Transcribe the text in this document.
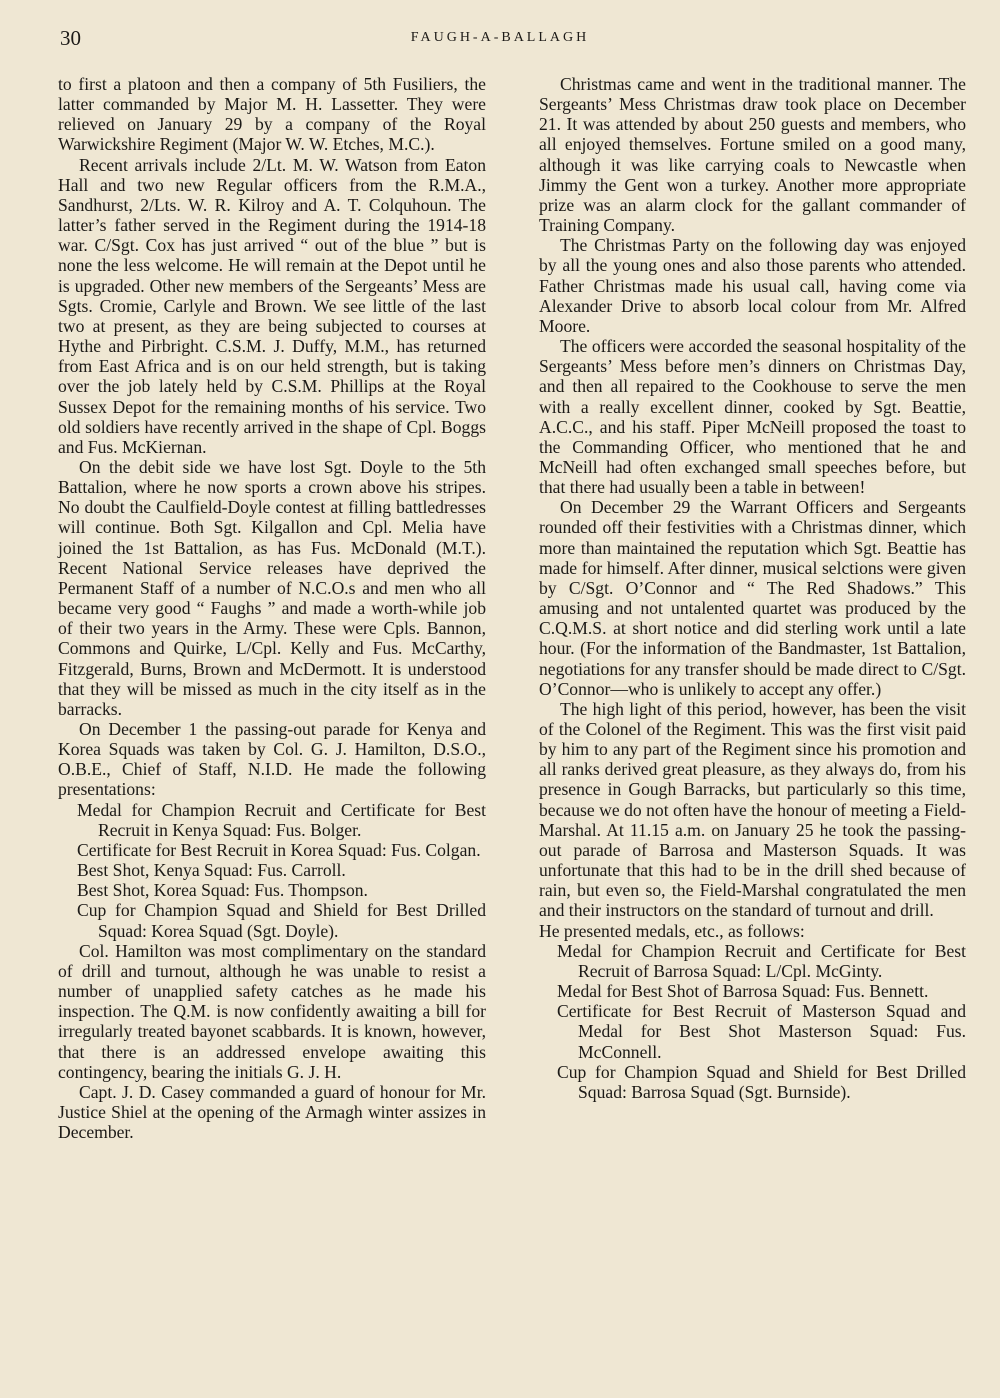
30	FAUGH-A-BALLAGH

to first a platoon and then a company of 5th Fusiliers, the latter commanded by Major M. H. Lassetter. They were relieved on January 29 by a company of the Royal Warwickshire Regiment (Major W. W. Etches, M.C.).

Recent arrivals include 2/Lt. M. W. Watson from Eaton Hall and two new Regular officers from the R.M.A., Sandhurst, 2/Lts. W. R. Kilroy and A. T. Colquhoun. The latter’s father served in the Regiment during the 1914-18 war. C/Sgt. Cox has just arrived “ out of the blue ” but is none the less welcome. He will remain at the Depot until he is upgraded. Other new members of the Sergeants’ Mess are Sgts. Cromie, Carlyle and Brown. We see little of the last two at present, as they are being subjected to courses at Hythe and Pirbright. C.S.M. J. Duffy, M.M., has returned from East Africa and is on our held strength, but is taking over the job lately held by C.S.M. Phillips at the Royal Sussex Depot for the remaining months of his service. Two old soldiers have recently arrived in the shape of Cpl. Boggs and Fus. McKiernan.

On the debit side we have lost Sgt. Doyle to the 5th Battalion, where he now sports a crown above his stripes. No doubt the Caulfield-Doyle contest at filling battledresses will continue. Both Sgt. Kilgallon and Cpl. Melia have joined the 1st Battalion, as has Fus. McDonald (M.T.). Recent National Service releases have deprived the Permanent Staff of a number of N.C.O.s and men who all became very good “ Faughs ” and made a worth-while job of their two years in the Army. These were Cpls. Bannon, Commons and Quirke, L/Cpl. Kelly and Fus. McCarthy, Fitzgerald, Burns, Brown and McDermott. It is understood that they will be missed as much in the city itself as in the barracks.

On December 1 the passing-out parade for Kenya and Korea Squads was taken by Col. G. J. Hamilton, D.S.O., O.B.E., Chief of Staff, N.I.D. He made the following presentations:

Medal for Champion Recruit and Certificate for Best Recruit in Kenya Squad: Fus. Bolger.
Certificate for Best Recruit in Korea Squad: Fus. Colgan.
Best Shot, Kenya Squad: Fus. Carroll.
Best Shot, Korea Squad: Fus. Thompson.
Cup for Champion Squad and Shield for Best Drilled Squad: Korea Squad (Sgt. Doyle).

Col. Hamilton was most complimentary on the standard of drill and turnout, although he was unable to resist a number of unapplied safety catches as he made his inspection. The Q.M. is now confidently awaiting a bill for irregularly treated bayonet scabbards. It is known, however, that there is an addressed envelope awaiting this contingency, bearing the initials G. J. H.

Capt. J. D. Casey commanded a guard of honour for Mr. Justice Shiel at the opening of the Armagh winter assizes in December.

Christmas came and went in the traditional manner. The Sergeants’ Mess Christmas draw took place on December 21. It was attended by about 250 guests and members, who all enjoyed themselves. Fortune smiled on a good many, although it was like carrying coals to Newcastle when Jimmy the Gent won a turkey. Another more appropriate prize was an alarm clock for the gallant commander of Training Company.

The Christmas Party on the following day was enjoyed by all the young ones and also those parents who attended. Father Christmas made his usual call, having come via Alexander Drive to absorb local colour from Mr. Alfred Moore.

The officers were accorded the seasonal hospitality of the Sergeants’ Mess before men’s dinners on Christmas Day, and then all repaired to the Cookhouse to serve the men with a really excellent dinner, cooked by Sgt. Beattie, A.C.C., and his staff. Piper McNeill proposed the toast to the Commanding Officer, who mentioned that he and McNeill had often exchanged small speeches before, but that there had usually been a table in between!

On December 29 the Warrant Officers and Sergeants rounded off their festivities with a Christmas dinner, which more than maintained the reputation which Sgt. Beattie has made for himself. After dinner, musical selctions were given by C/Sgt. O’Connor and “ The Red Shadows.” This amusing and not untalented quartet was produced by the C.Q.M.S. at short notice and did sterling work until a late hour. (For the information of the Bandmaster, 1st Battalion, negotiations for any transfer should be made direct to C/Sgt. O’Connor—who is unlikely to accept any offer.)

The high light of this period, however, has been the visit of the Colonel of the Regiment. This was the first visit paid by him to any part of the Regiment since his promotion and all ranks derived great pleasure, as they always do, from his presence in Gough Barracks, but particularly so this time, because we do not often have the honour of meeting a Field-Marshal. At 11.15 a.m. on January 25 he took the passing-out parade of Barrosa and Masterson Squads. It was unfortunate that this had to be in the drill shed because of rain, but even so, the Field-Marshal congratulated the men and their instructors on the standard of turnout and drill.

He presented medals, etc., as follows:

Medal for Champion Recruit and Certificate for Best Recruit of Barrosa Squad: L/Cpl. McGinty.
Medal for Best Shot of Barrosa Squad: Fus. Bennett.
Certificate for Best Recruit of Masterson Squad and Medal for Best Shot Masterson Squad: Fus. McConnell.
Cup for Champion Squad and Shield for Best Drilled Squad: Barrosa Squad (Sgt. Burnside).
